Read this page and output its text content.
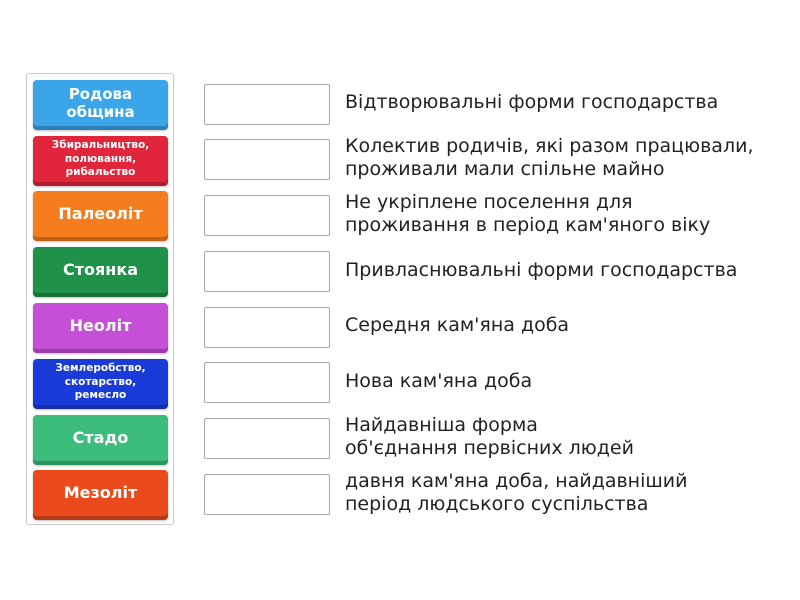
Родова
община
Збиральництво, полювання, рибальство
Палеоліт
Стоянка
Неоліт
Землеробство, скотарство, ремесло
Стадо
Мезоліт
Відтворювальні форми господарства
Колектив родичів, які разом працювали,
проживали мали спільне майно
Не укріплене поселення для
проживання в період кам'яного віку
Привласнювальні форми господарства
Середня кам'яна доба
Нова кам'яна доба
Найдавніша форма
об'єднання первісних людей
давня кам'яна доба, найдавніший
період людського суспільства
